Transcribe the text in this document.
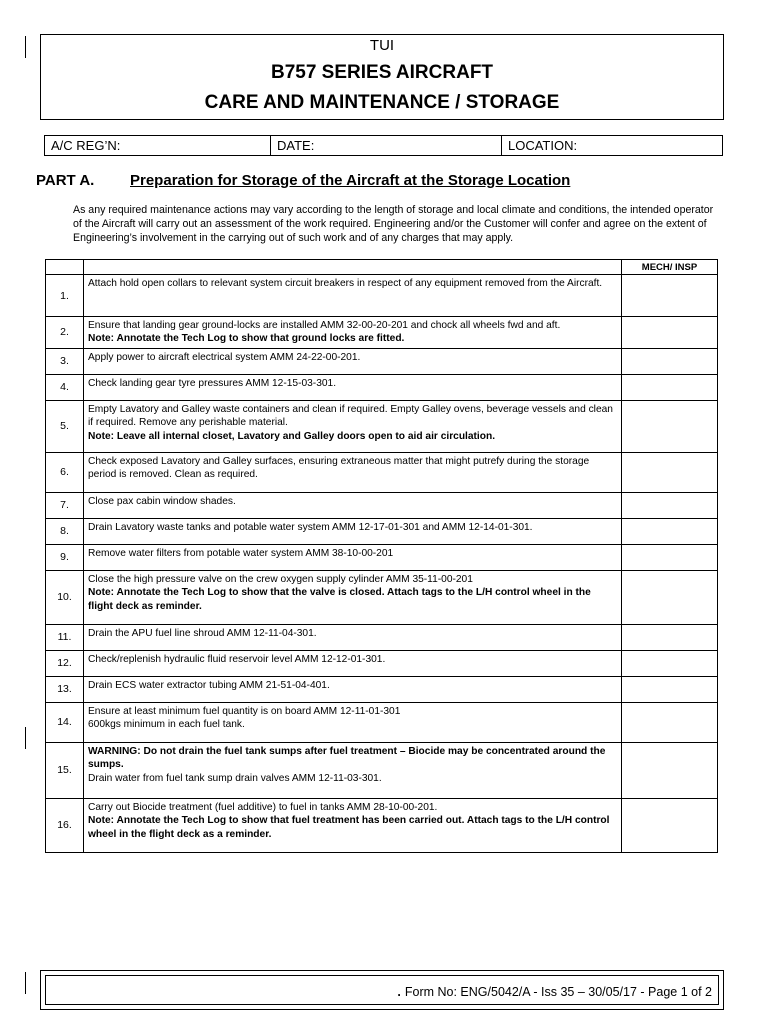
TUI
B757 SERIES AIRCRAFT
CARE AND MAINTENANCE / STORAGE
A/C REG’N:	DATE:	LOCATION:
PART A. Preparation for Storage of the Aircraft at the Storage Location
As any required maintenance actions may vary according to the length of storage and local climate and conditions, the intended operator of the Aircraft will carry out an assessment of the work required. Engineering and/or the Customer will confer and agree on the extent of Engineering’s involvement in the carrying out of such work and of any charges that may apply.
		MECH/ INSP
1.	Attach hold open collars to relevant system circuit breakers in respect of any equipment removed from the Aircraft.	

2.	Ensure that landing gear ground-locks are installed AMM 32-00-20-201 and chock all wheels fwd and aft.
Note: Annotate the Tech Log to show that ground locks are fitted.	

3.	Apply power to aircraft electrical system AMM 24-22-00-201.	

4.	Check landing gear tyre pressures AMM 12-15-03-301.	

5.	Empty Lavatory and Galley waste containers and clean if required. Empty Galley ovens, beverage vessels and clean if required. Remove any perishable material.
Note: Leave all internal closet, Lavatory and Galley doors open to aid air circulation.	

6.	Check exposed Lavatory and Galley surfaces, ensuring extraneous matter that might putrefy during the storage period is removed. Clean as required.	

7.	Close pax cabin window shades.	

8.	Drain Lavatory waste tanks and potable water system AMM 12-17-01-301 and AMM 12-14-01-301.	

9.	Remove water filters from potable water system AMM 38-10-00-201	

10.	Close the high pressure valve on the crew oxygen supply cylinder AMM 35-11-00-201
Note: Annotate the Tech Log to show that the valve is closed. Attach tags to the L/H control wheel in the flight deck as reminder.	

11.	Drain the APU fuel line shroud AMM 12-11-04-301.	

12.	Check/replenish hydraulic fluid reservoir level AMM 12-12-01-301.	

13.	Drain ECS water extractor tubing AMM 21-51-04-401.	

14.	Ensure at least minimum fuel quantity is on board AMM 12-11-01-301
600kgs minimum in each fuel tank.	

15.	WARNING: Do not drain the fuel tank sumps after fuel treatment – Biocide may be concentrated around the sumps.
Drain water from fuel tank sump drain valves AMM 12-11-03-301.	

16.	Carry out Biocide treatment (fuel additive) to fuel in tanks AMM 28-10-00-201.
Note: Annotate the Tech Log to show that fuel treatment has been carried out. Attach tags to the L/H control wheel in the flight deck as a reminder.	

. Form No: ENG/5042/A - Iss 35 – 30/05/17 - Page 1 of 2
